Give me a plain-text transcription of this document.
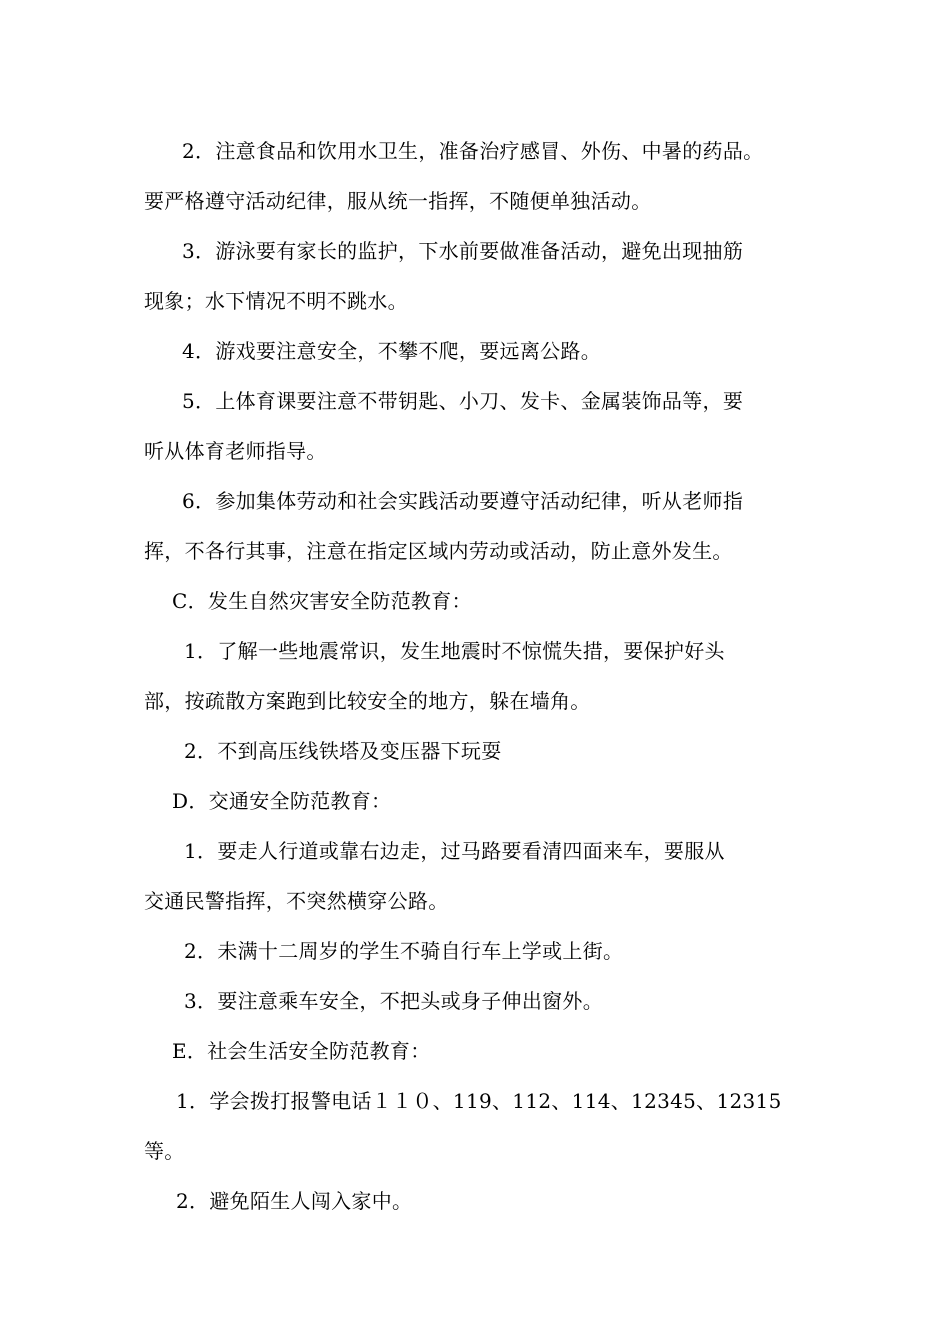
2．注意食品和饮用水卫生，准备治疗感冒、外伤、中暑的药品。
要严格遵守活动纪律，服从统一指挥，不随便单独活动。
3．游泳要有家长的监护，下水前要做准备活动，避免出现抽筋
现象；水下情况不明不跳水。
4．游戏要注意安全，不攀不爬，要远离公路。
5．上体育课要注意不带钥匙、小刀、发卡、金属装饰品等，要
听从体育老师指导。
6．参加集体劳动和社会实践活动要遵守活动纪律，听从老师指
挥，不各行其事，注意在指定区域内劳动或活动，防止意外发生。
C．发生自然灾害安全防范教育：
1．了解一些地震常识，发生地震时不惊慌失措，要保护好头
部，按疏散方案跑到比较安全的地方，躲在墙角。
2．不到高压线铁塔及变压器下玩耍
D．交通安全防范教育：
1．要走人行道或靠右边走，过马路要看清四面来车，要服从
交通民警指挥，不突然横穿公路。
2．未满十二周岁的学生不骑自行车上学或上街。
3．要注意乘车安全，不把头或身子伸出窗外。
E．社会生活安全防范教育：
1．学会拨打报警电话１１０、119、112、114、12345、12315
等。
2．避免陌生人闯入家中。
